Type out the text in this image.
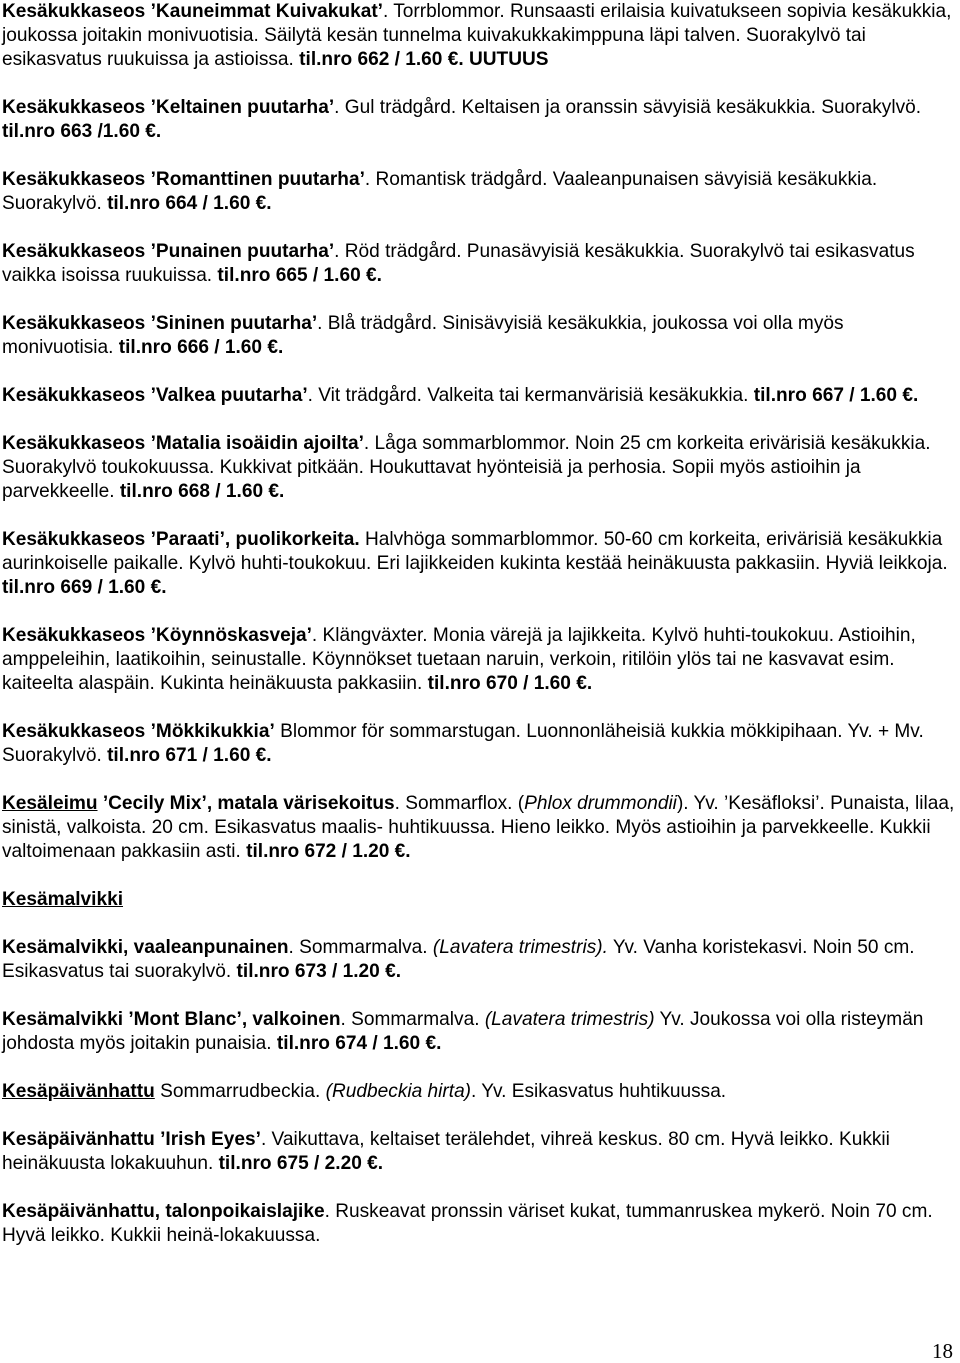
Kesäkukkaseos ’Kauneimmat Kuivakukat’. Torrblommor. Runsaasti erilaisia kuivatukseen sopivia kesäkukkia, joukossa joitakin monivuotisia. Säilytä kesän tunnelma kuivakukkakimppuna läpi talven. Suorakylvö tai esikasvatus ruukuissa ja astioissa. til.nro 662 / 1.60 €. UUTUUS

Kesäkukkaseos ’Keltainen puutarha’. Gul trädgård. Keltaisen ja oranssin sävyisiä kesäkukkia. Suorakylvö. til.nro 663 /1.60 €.

Kesäkukkaseos ’Romanttinen puutarha’. Romantisk trädgård. Vaaleanpunaisen sävyisiä kesäkukkia. Suorakylvö. til.nro 664 / 1.60 €.

Kesäkukkaseos ’Punainen puutarha’. Röd trädgård. Punasävyisiä kesäkukkia. Suorakylvö tai esikasvatus vaikka isoissa ruukuissa. til.nro 665 / 1.60 €.

Kesäkukkaseos ’Sininen puutarha’. Blå trädgård. Sinisävyisiä kesäkukkia, joukossa voi olla myös monivuotisia. til.nro 666 / 1.60 €.

Kesäkukkaseos ’Valkea puutarha’. Vit trädgård. Valkeita tai kermanvärisiä kesäkukkia. til.nro 667 / 1.60 €.

Kesäkukkaseos ’Matalia isoäidin ajoilta’. Låga sommarblommor. Noin 25 cm korkeita erivärisiä kesäkukkia. Suorakylvö toukokuussa. Kukkivat pitkään. Houkuttavat hyönteisiä ja perhosia. Sopii myös astioihin ja parvekkeelle. til.nro 668 / 1.60 €.

Kesäkukkaseos ’Paraati’, puolikorkeita. Halvhöga sommarblommor. 50-60 cm korkeita, erivärisiä kesäkukkia aurinkoiselle paikalle. Kylvö huhti-toukokuu. Eri lajikkeiden kukinta kestää heinäkuusta pakkasiin. Hyviä leikkoja. til.nro 669 / 1.60 €.

Kesäkukkaseos ’Köynnöskasveja’. Klängväxter. Monia värejä ja lajikkeita. Kylvö huhti-toukokuu. Astioihin, amppeleihin, laatikoihin, seinustalle. Köynnökset tuetaan naruin, verkoin, ritilöin ylös tai ne kasvavat esim. kaiteelta alaspäin. Kukinta heinäkuusta pakkasiin. til.nro 670 / 1.60 €.

Kesäkukkaseos ’Mökkikukkia’ Blommor för sommarstugan. Luonnonläheisiä kukkia mökkipihaan. Yv. + Mv. Suorakylvö. til.nro 671 / 1.60 €.

Kesäleimu ’Cecily Mix’, matala värisekoitus. Sommarflox. (Phlox drummondii). Yv. ’Kesäfloksi’. Punaista, lilaa, sinistä, valkoista. 20 cm. Esikasvatus maalis- huhtikuussa. Hieno leikko. Myös astioihin ja parvekkeelle. Kukkii valtoimenaan pakkasiin asti. til.nro 672 / 1.20 €.

Kesämalvikki

Kesämalvikki, vaaleanpunainen. Sommarmalva. (Lavatera trimestris). Yv. Vanha koristekasvi. Noin 50 cm. Esikasvatus tai suorakylvö. til.nro 673 / 1.20 €.

Kesämalvikki ’Mont Blanc’, valkoinen. Sommarmalva. (Lavatera trimestris) Yv. Joukossa voi olla risteymän johdosta myös joitakin punaisia. til.nro 674 / 1.60 €.

Kesäpäivänhattu Sommarrudbeckia. (Rudbeckia hirta). Yv. Esikasvatus huhtikuussa.

Kesäpäivänhattu ’Irish Eyes’. Vaikuttava, keltaiset terälehdet, vihreä keskus. 80 cm. Hyvä leikko. Kukkii heinäkuusta lokakuuhun. til.nro 675 / 2.20 €.

Kesäpäivänhattu, talonpoikaislajike. Ruskeavat pronssin väriset kukat, tummanruskea mykerö. Noin 70 cm. Hyvä leikko. Kukkii heinä-lokakuussa.

18
